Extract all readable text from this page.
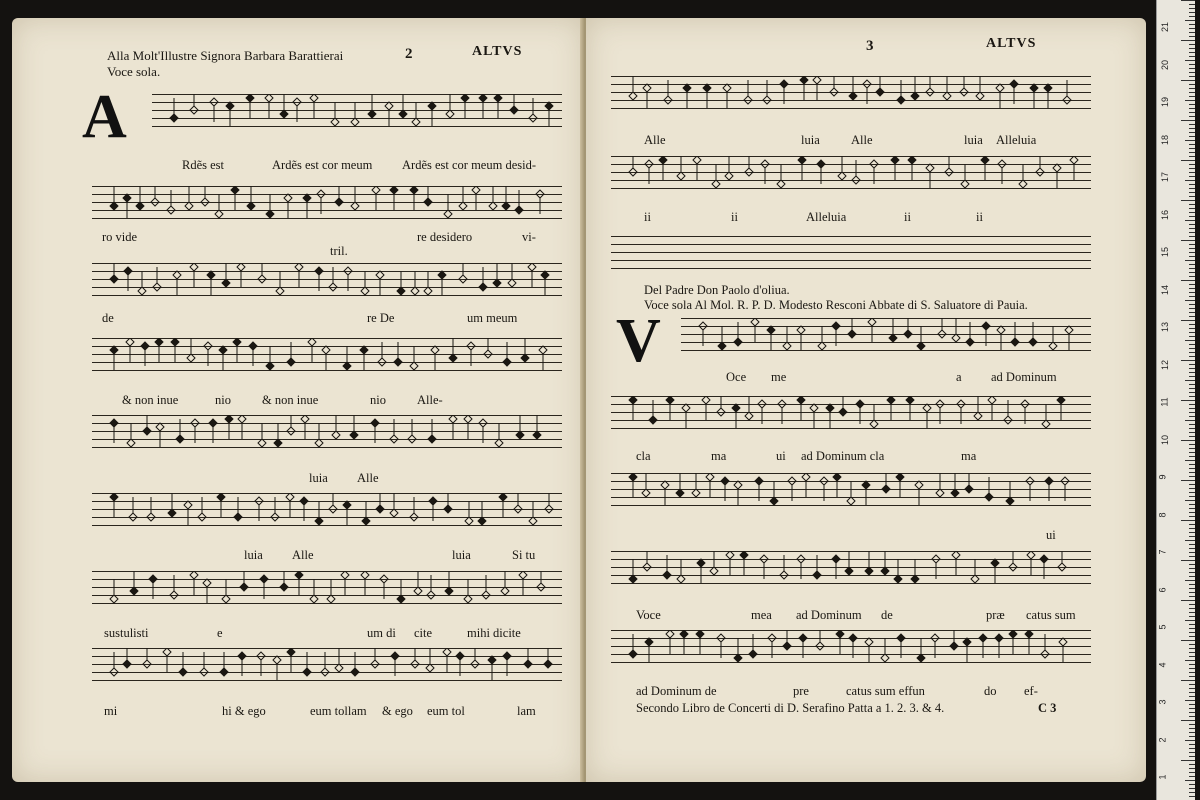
Alla Molt'Illustre Signora Barbara Barattierai
Voce sola.
2	ALTVS
A
Rdẽs est	Ardẽs est cor meum Ardẽs est cor meum desid-
ro vide	re desidero	vi-
tril.
de	re De	um meum
& non inue	nio & non inue	nio Alle-
luia Alle
luia Alle	luia	Si tu
sustulisti	e	um di cite	mihi dicite
mi	hi & ego	eum tollam & ego eum tol	lam
3	ALTVS
Alle	luia	Alle	luia Alleluia
ii	ii	Alleluia	ii	ii
Del Padre Don Paolo d'oliua.
Voce sola Al Mol. R. P. D. Modesto Resconi Abbate di S. Saluatore di Pauia.
V
Oce me	a ad Dominum
cla	ma	ui ad Dominum cla	ma
ui
Voce	mea ad Dominum de	præ catus sum
ad Dominum de	pre	catus sum effun	do ef-
Secondo Libro de Concerti di D. Serafino Patta a 1. 2. 3. & 4.	C 3
21
20
19
18
17
16
15
14
13
12
11
10
9
8
7
6
5
4
3
2
1
